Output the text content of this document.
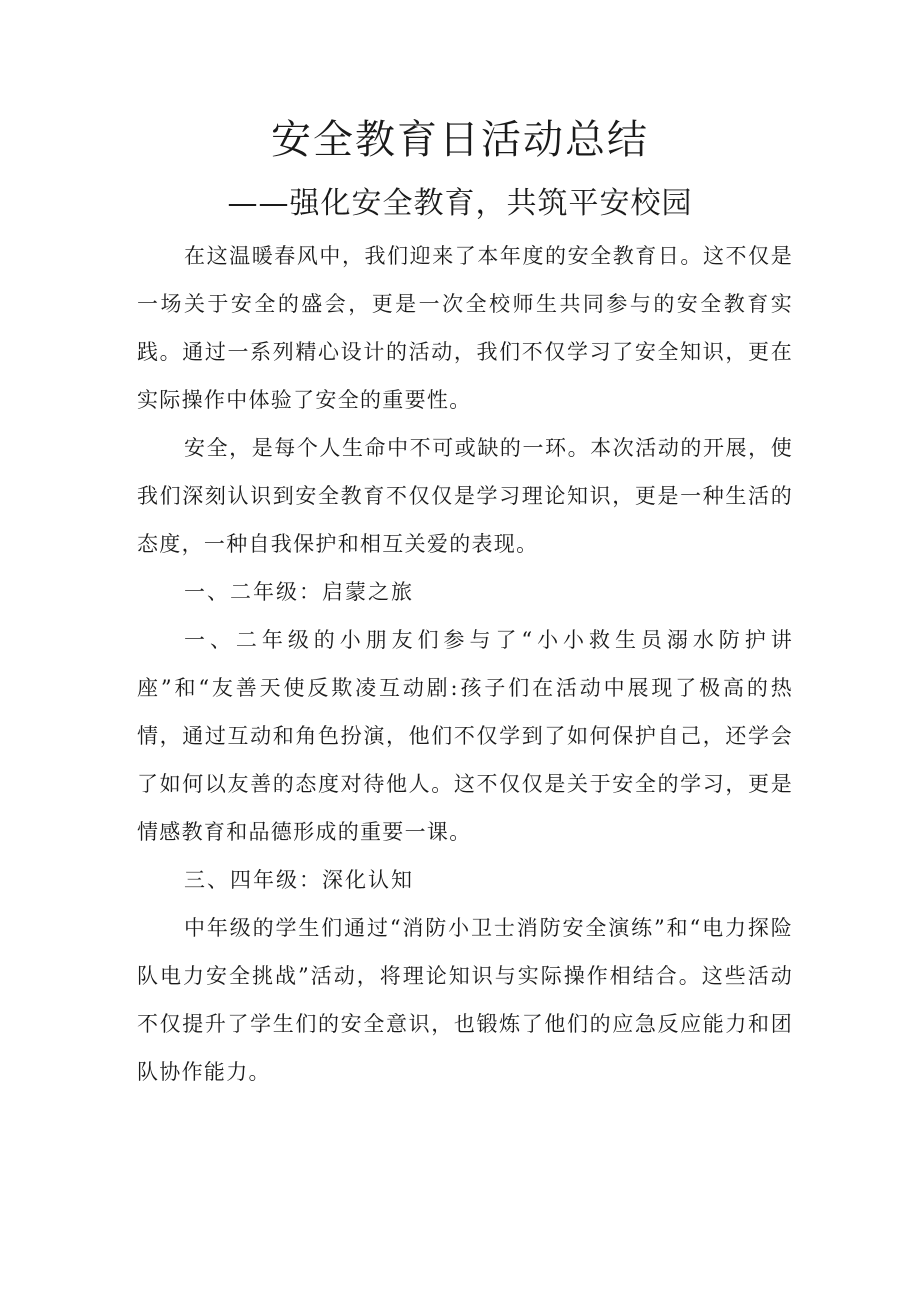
安全教育日活动总结
——强化安全教育，共筑平安校园

在这温暖春风中，我们迎来了本年度的安全教育日。这不仅是一场关于安全的盛会，更是一次全校师生共同参与的安全教育实践。通过一系列精心设计的活动，我们不仅学习了安全知识，更在实际操作中体验了安全的重要性。

安全，是每个人生命中不可或缺的一环。本次活动的开展，使我们深刻认识到安全教育不仅仅是学习理论知识，更是一种生活的态度，一种自我保护和相互关爱的表现。

一、二年级：启蒙之旅

一、二年级的小朋友们参与了“小小救生员溺水防护讲座”和“友善天使反欺凌互动剧:孩子们在活动中展现了极高的热情，通过互动和角色扮演，他们不仅学到了如何保护自己，还学会了如何以友善的态度对待他人。这不仅仅是关于安全的学习，更是情感教育和品德形成的重要一课。

三、四年级：深化认知

中年级的学生们通过“消防小卫士消防安全演练”和“电力探险队电力安全挑战”活动，将理论知识与实际操作相结合。这些活动不仅提升了学生们的安全意识，也锻炼了他们的应急反应能力和团队协作能力。
